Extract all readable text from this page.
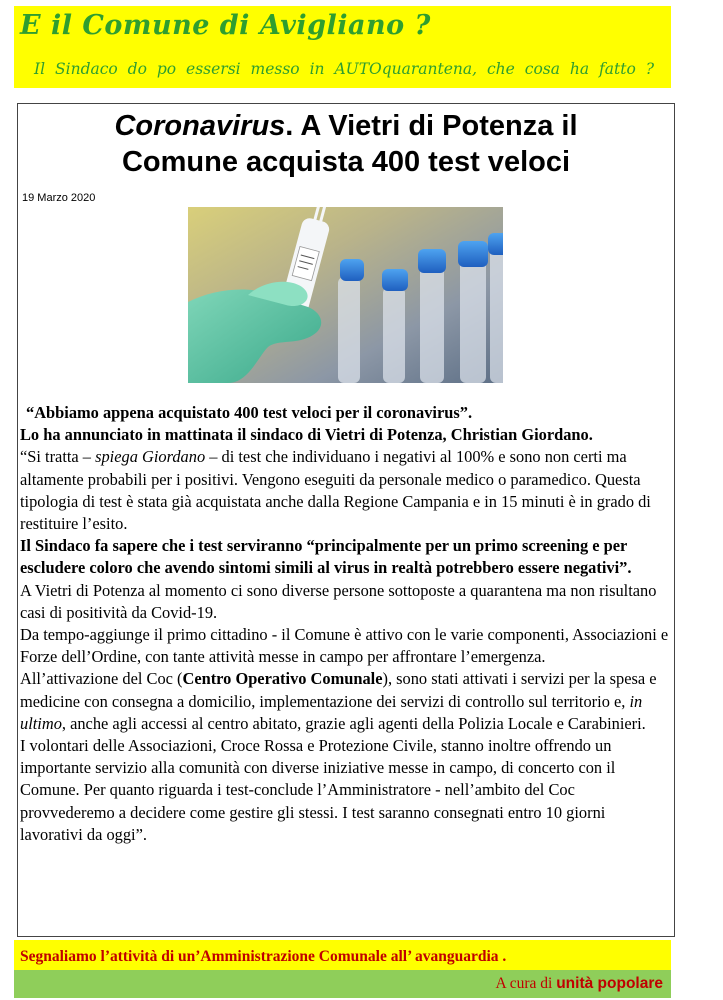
E il Comune di Avigliano ?
Il Sindaco do po essersi messo in AUTOquarantena, che cosa ha fatto ?
Coronavirus. A Vietri di Potenza il
Comune acquista 400 test veloci
19 Marzo 2020

“Abbiamo appena acquistato 400 test veloci per il coronavirus”.

Lo ha annunciato in mattinata il sindaco di Vietri di Potenza, Christian Giordano.

“Si tratta – spiega Giordano – di test che individuano i negativi al 100% e sono non certi ma altamente probabili per i positivi. Vengono eseguiti da personale medico o paramedico. Questa tipologia di test è stata già acquistata anche dalla Regione Campania e in 15 minuti è in grado di restituire l’esito.

Il Sindaco fa sapere che i test serviranno “principalmente per un primo screening e per escludere coloro che avendo sintomi simili al virus in realtà potrebbero essere negativi”.

A Vietri di Potenza al momento ci sono diverse persone sottoposte a quarantena ma non risultano casi di positività da Covid-19.

Da tempo-aggiunge il primo cittadino - il Comune è attivo con le varie componenti, Associazioni e Forze dell’Ordine, con tante attività messe in campo per affrontare l’emergenza.

All’attivazione del Coc (Centro Operativo Comunale), sono stati attivati i servizi per la spesa e medicine con consegna a domicilio, implementazione dei servizi di controllo sul territorio e, in ultimo, anche agli accessi al centro abitato, grazie agli agenti della Polizia Locale e Carabinieri.

I volontari delle Associazioni, Croce Rossa e Protezione Civile, stanno inoltre offrendo un importante servizio alla comunità con diverse iniziative messe in campo, di concerto con il Comune. Per quanto riguarda i test-conclude l’Amministratore - nell’ambito del Coc provvederemo a decidere come gestire gli stessi. I test saranno consegnati entro 10 giorni lavorativi da oggi”.

Segnaliamo l’attività di un’Amministrazione Comunale all’ avanguardia .
A cura di unità popolare
